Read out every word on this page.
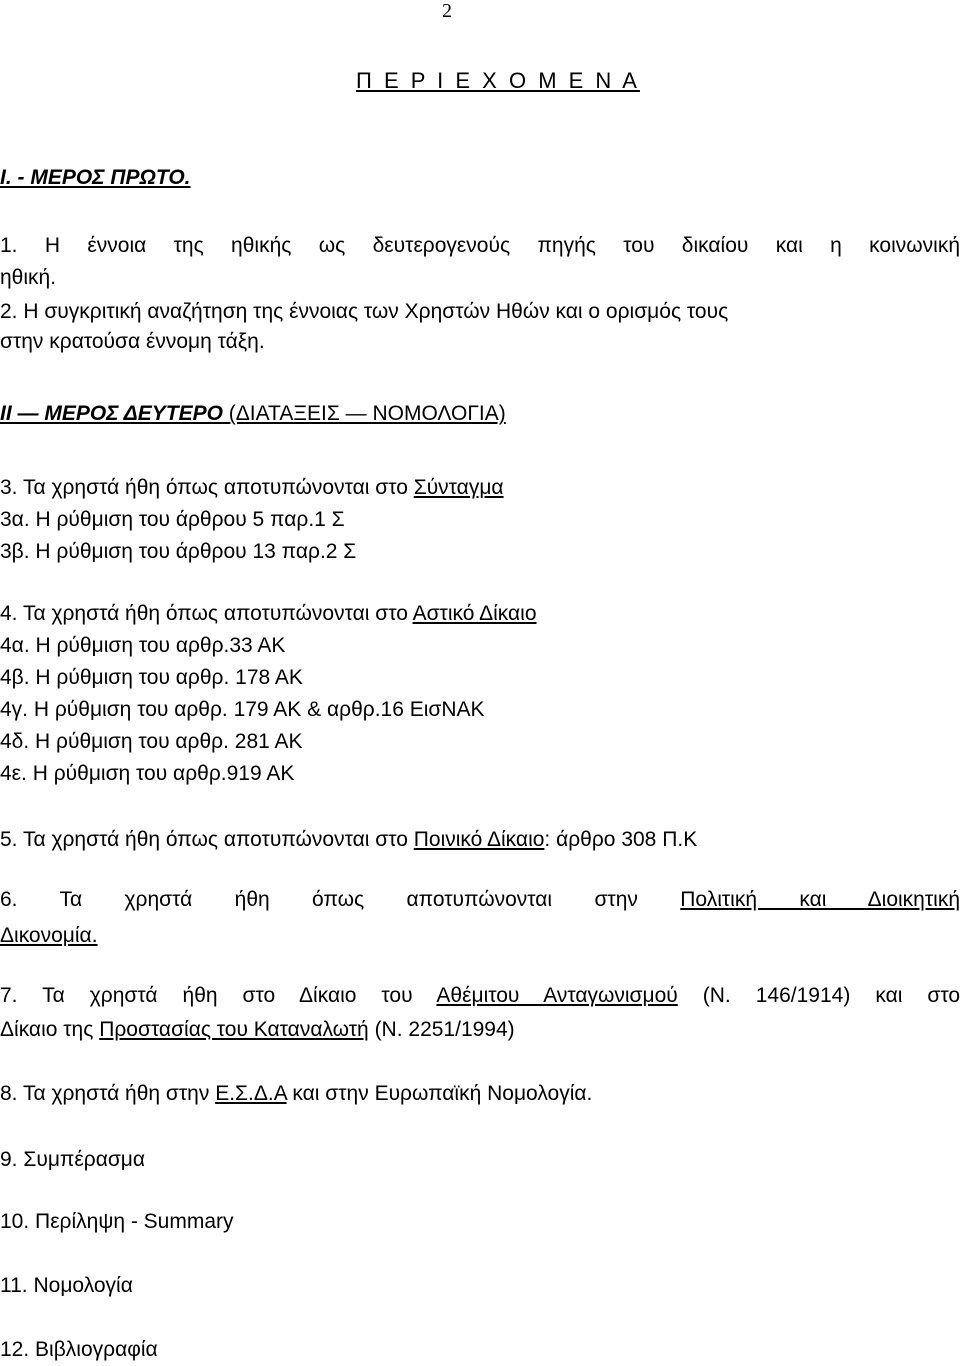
2
Π Ε Ρ Ι Ε Χ Ο Μ Ε Ν Α
Ι. - ΜΕΡΟΣ ΠΡΩΤΟ.
1. Η έννοια της ηθικής ως δευτερογενούς πηγής του δικαίου και η κοινωνική
ηθική.
2. Η συγκριτική αναζήτηση της έννοιας των Χρηστών Ηθών και ο ορισμός τους
στην κρατούσα έννομη τάξη.
ΙΙ — ΜΕΡΟΣ ΔΕΥΤΕΡΟ (ΔΙΑΤΑΞΕΙΣ — ΝΟΜΟΛΟΓΙΑ)
3. Τα χρηστά ήθη όπως αποτυπώνονται στο Σύνταγμα
3α. Η ρύθμιση του άρθρου 5 παρ.1 Σ
3β. Η ρύθμιση του άρθρου 13 παρ.2 Σ
4. Τα χρηστά ήθη όπως αποτυπώνονται στο Αστικό Δίκαιο
4α. Η ρύθμιση του αρθρ.33 ΑΚ
4β. Η ρύθμιση του αρθρ. 178 ΑΚ
4γ. Η ρύθμιση του αρθρ. 179 ΑΚ & αρθρ.16 ΕισΝΑΚ
4δ. Η ρύθμιση του αρθρ. 281 ΑΚ
4ε. Η ρύθμιση του αρθρ.919 ΑΚ
5. Τα χρηστά ήθη όπως αποτυπώνονται στο Ποινικό Δίκαιο: άρθρο 308 Π.Κ
6. Τα χρηστά ήθη όπως αποτυπώνονται στην Πολιτική και Διοικητική
Δικονομία.
7. Τα χρηστά ήθη στο Δίκαιο του Αθέμιτου Ανταγωνισμού (Ν. 146/1914) και στο
Δίκαιο της Προστασίας του Καταναλωτή (Ν. 2251/1994)
8. Τα χρηστά ήθη στην Ε.Σ.Δ.Α και στην Ευρωπαϊκή Νομολογία.
9. Συμπέρασμα
10. Περίληψη - Summary
11. Νομολογία
12. Βιβλιογραφία
